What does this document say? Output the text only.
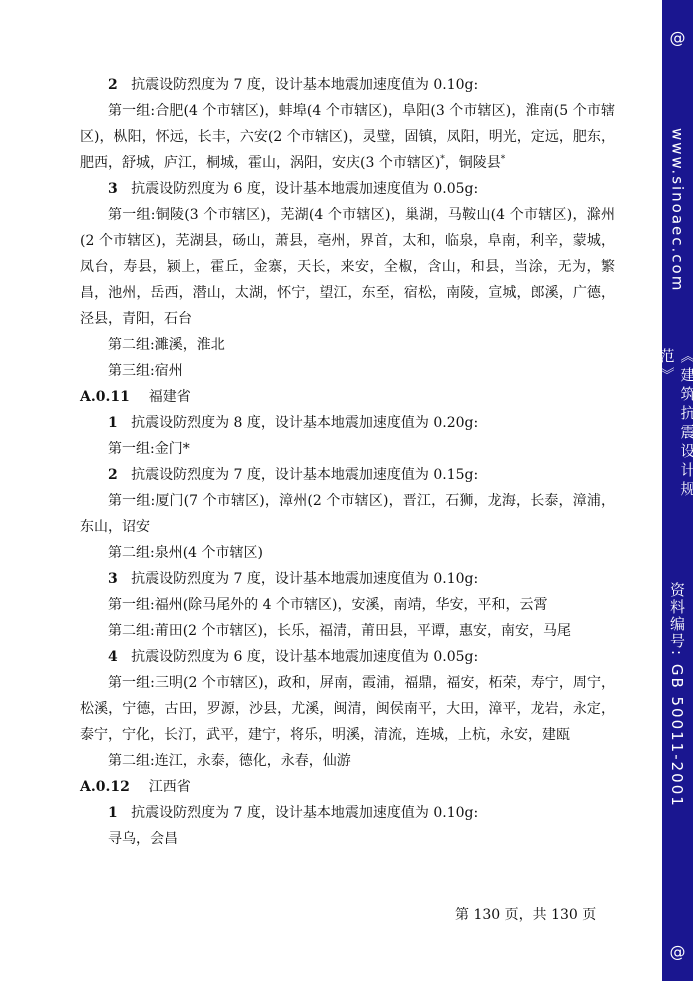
2 抗震设防烈度为 7 度，设计基本地震加速度值为 0.10g:

第一组:合肥(4 个市辖区)，蚌埠(4 个市辖区)，阜阳(3 个市辖区)，淮南(5 个市辖区)，枞阳，怀远，长丰，六安(2 个市辖区)，灵璧，固镇，凤阳，明光，定远，肥东，肥西，舒城，庐江，桐城，霍山，涡阳，安庆(3 个市辖区)*，铜陵县*

3 抗震设防烈度为 6 度，设计基本地震加速度值为 0.05g:

第一组:铜陵(3 个市辖区)，芜湖(4 个市辖区)，巢湖，马鞍山(4 个市辖区)，滁州(2 个市辖区)，芜湖县，砀山，萧县，亳州，界首，太和，临泉，阜南，利辛，蒙城，凤台，寿县，颍上，霍丘，金寨，天长，来安，全椒，含山，和县，当涂，无为，繁昌，池州，岳西，潜山，太湖，怀宁，望江，东至，宿松，南陵，宣城，郎溪，广德，泾县，青阳，石台

第二组:濉溪，淮北

第三组:宿州

A.0.11 福建省

1 抗震设防烈度为 8 度，设计基本地震加速度值为 0.20g:

第一组:金门*

2 抗震设防烈度为 7 度，设计基本地震加速度值为 0.15g:

第一组:厦门(7 个市辖区)，漳州(2 个市辖区)，晋江，石狮，龙海，长泰，漳浦，东山，诏安

第二组:泉州(4 个市辖区)

3 抗震设防烈度为 7 度，设计基本地震加速度值为 0.10g:

第一组:福州(除马尾外的 4 个市辖区)，安溪，南靖，华安，平和，云霄

第二组:莆田(2 个市辖区)，长乐，福清，莆田县，平谭，惠安，南安，马尾

4 抗震设防烈度为 6 度，设计基本地震加速度值为 0.05g:

第一组:三明(2 个市辖区)，政和，屏南，霞浦，福鼎，福安，柘荣，寿宁，周宁，松溪，宁德，古田，罗源，沙县，尤溪，闽清，闽侯南平，大田，漳平，龙岩，永定，泰宁，宁化，长汀，武平，建宁，将乐，明溪，清流，连城，上杭，永安，建瓯

第二组:连江，永泰，德化，永春，仙游

A.0.12 江西省

1 抗震设防烈度为 7 度，设计基本地震加速度值为 0.10g:

寻乌，会昌

第 130 页，共 130 页
@
www.sinoaec.com
《建筑抗震设计规范》
资料编号: GB 50011-2001
@
